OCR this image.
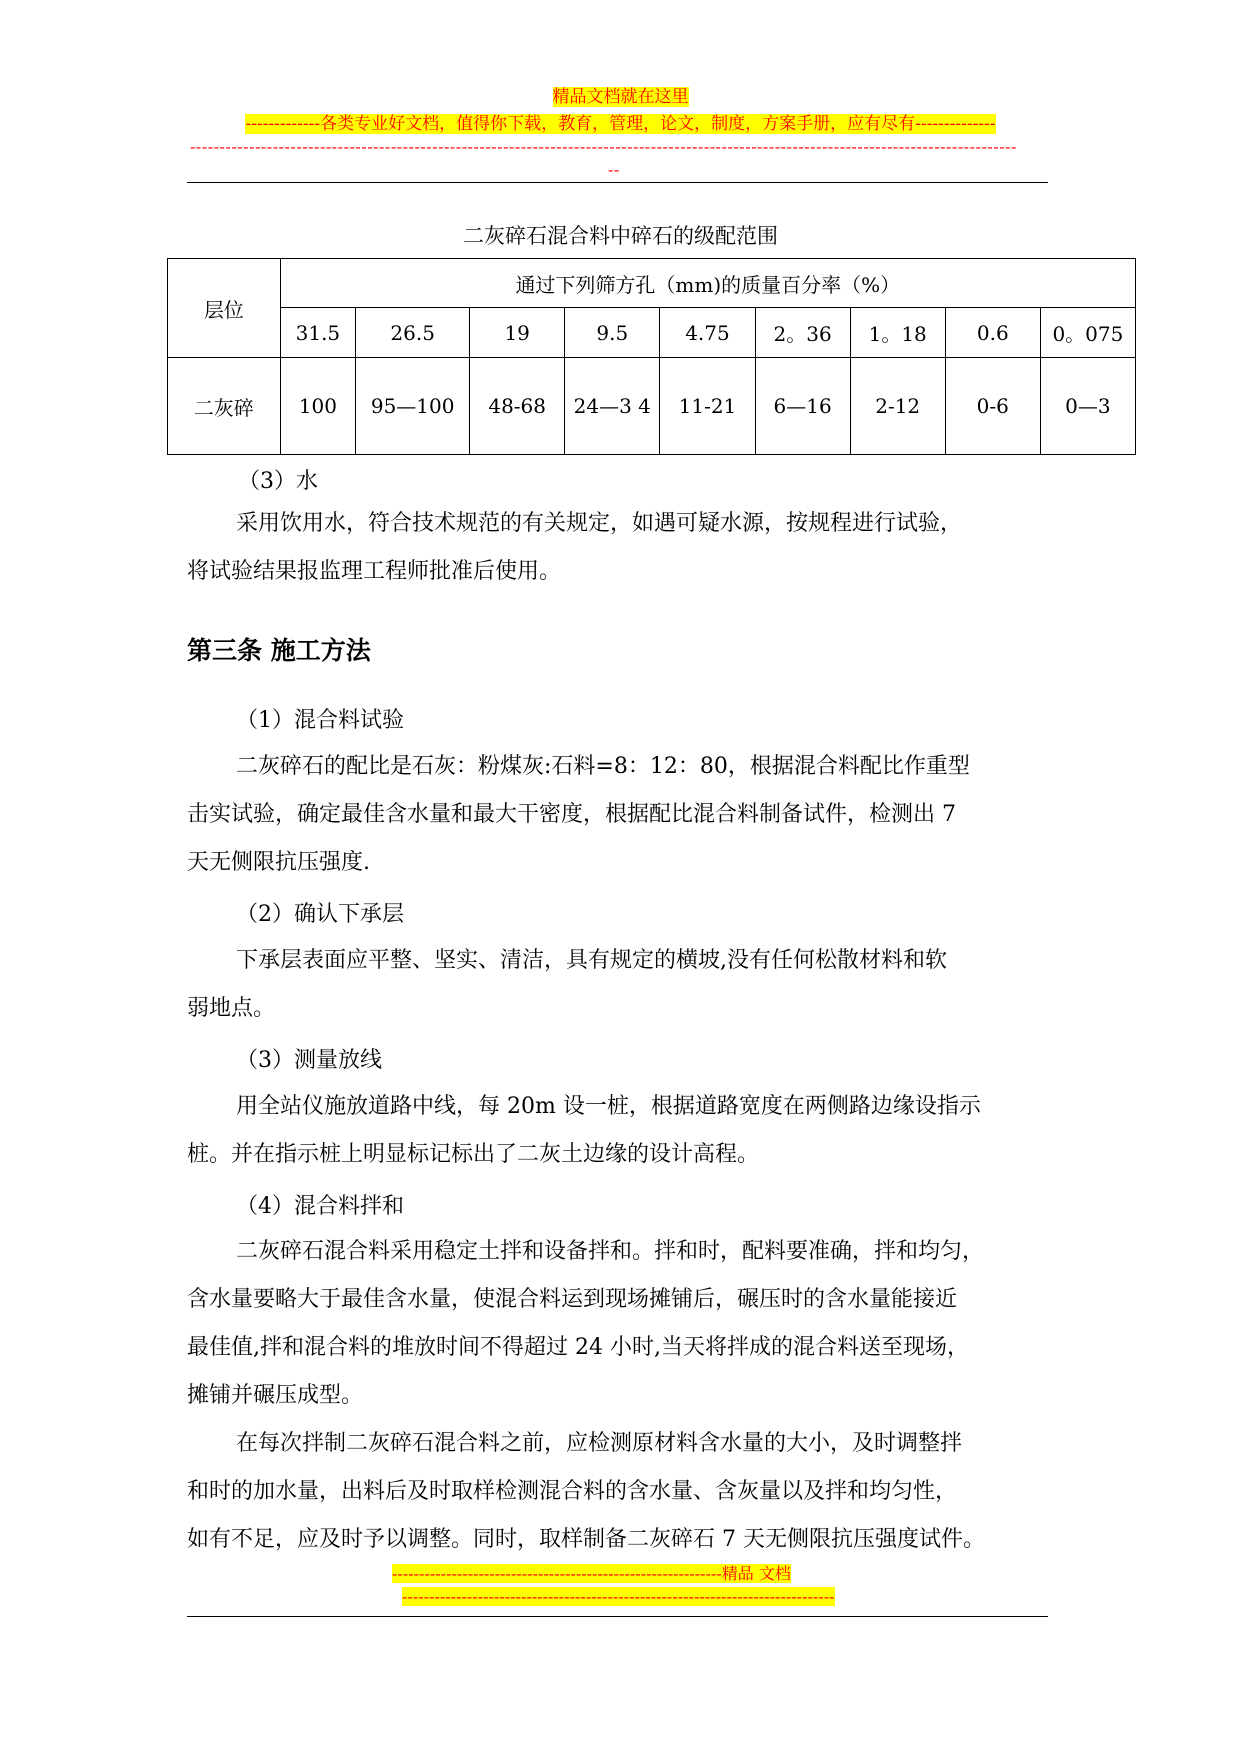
精品文档就在这里
-------------各类专业好文档，值得你下载，教育，管理，论文，制度，方案手册，应有尽有--------------
--------------------------------------------------------------------------------------------------------------------------------------------
--
二灰碎石混合料中碎石的级配范围
层位	通过下列筛方孔（mm)的质量百分率（%）								
	31.5	26.5	19	9.5	4.75	2。36	1。18	0.6	0。075
二灰碎	100	95—100	48-68	24—3 4	11-21	6—16	2-12	0-6	0—3
（3）水
采用饮用水，符合技术规范的有关规定，如遇可疑水源，按规程进行试验，
将试验结果报监理工程师批准后使用。
第三条 施工方法
（1）混合料试验
二灰碎石的配比是石灰：粉煤灰:石料=8：12：80，根据混合料配比作重型
击实试验，确定最佳含水量和最大干密度，根据配比混合料制备试件，检测出 7
天无侧限抗压强度.
（2）确认下承层
下承层表面应平整、坚实、清洁，具有规定的横坡,没有任何松散材料和软
弱地点。
（3）测量放线
用全站仪施放道路中线，每 20m 设一桩，根据道路宽度在两侧路边缘设指示
桩。并在指示桩上明显标记标出了二灰土边缘的设计高程。
（4）混合料拌和
二灰碎石混合料采用稳定土拌和设备拌和。拌和时，配料要准确，拌和均匀，
含水量要略大于最佳含水量，使混合料运到现场摊铺后，碾压时的含水量能接近
最佳值,拌和混合料的堆放时间不得超过 24 小时,当天将拌成的混合料送至现场，
摊铺并碾压成型。
在每次拌制二灰碎石混合料之前，应检测原材料含水量的大小，及时调整拌
和时的加水量，出料后及时取样检测混合料的含水量、含灰量以及拌和均匀性，
如有不足，应及时予以调整。同时，取样制备二灰碎石 7 天无侧限抗压强度试件。
-------------------------------------------------------------精品 文档
--------------------------------------------------------------------------------
